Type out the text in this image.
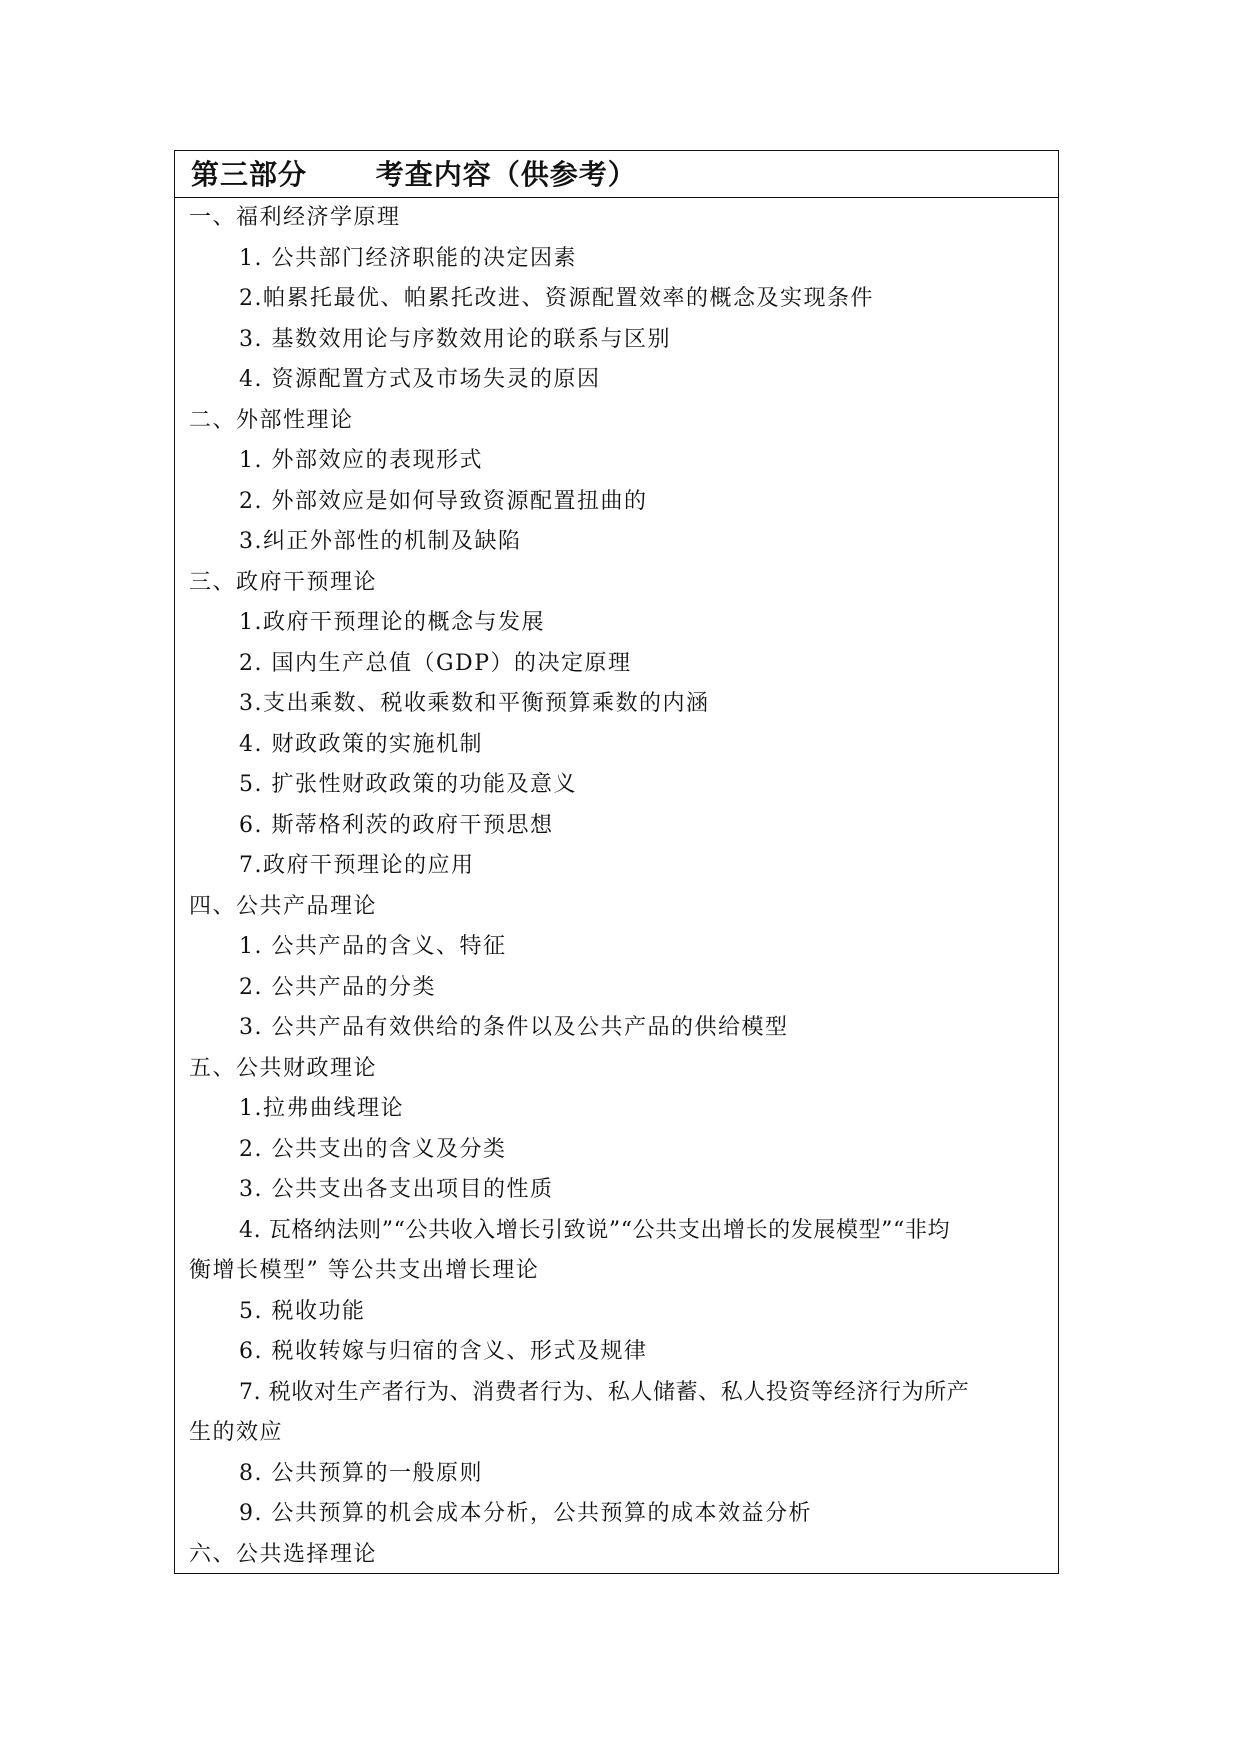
第三部分　　 考查内容（供参考）
一、福利经济学原理
1. 公共部门经济职能的决定因素
2.帕累托最优、帕累托改进、资源配置效率的概念及实现条件
3. 基数效用论与序数效用论的联系与区别
4. 资源配置方式及市场失灵的原因
二、外部性理论
1. 外部效应的表现形式
2. 外部效应是如何导致资源配置扭曲的
3.纠正外部性的机制及缺陷
三、政府干预理论
1.政府干预理论的概念与发展
2. 国内生产总值（GDP）的决定原理
3.支出乘数、税收乘数和平衡预算乘数的内涵
4. 财政政策的实施机制
5. 扩张性财政政策的功能及意义
6. 斯蒂格利茨的政府干预思想
7.政府干预理论的应用
四、公共产品理论
1. 公共产品的含义、特征
2. 公共产品的分类
3. 公共产品有效供给的条件以及公共产品的供给模型
五、公共财政理论
1.拉弗曲线理论
2. 公共支出的含义及分类
3. 公共支出各支出项目的性质
4. 瓦格纳法则”“公共收入增长引致说”“公共支出增长的发展模型”“非均
衡增长模型” 等公共支出增长理论
5. 税收功能
6. 税收转嫁与归宿的含义、形式及规律
7. 税收对生产者行为、消费者行为、私人储蓄、私人投资等经济行为所产
生的效应
8. 公共预算的一般原则
9. 公共预算的机会成本分析，公共预算的成本效益分析
六、公共选择理论
